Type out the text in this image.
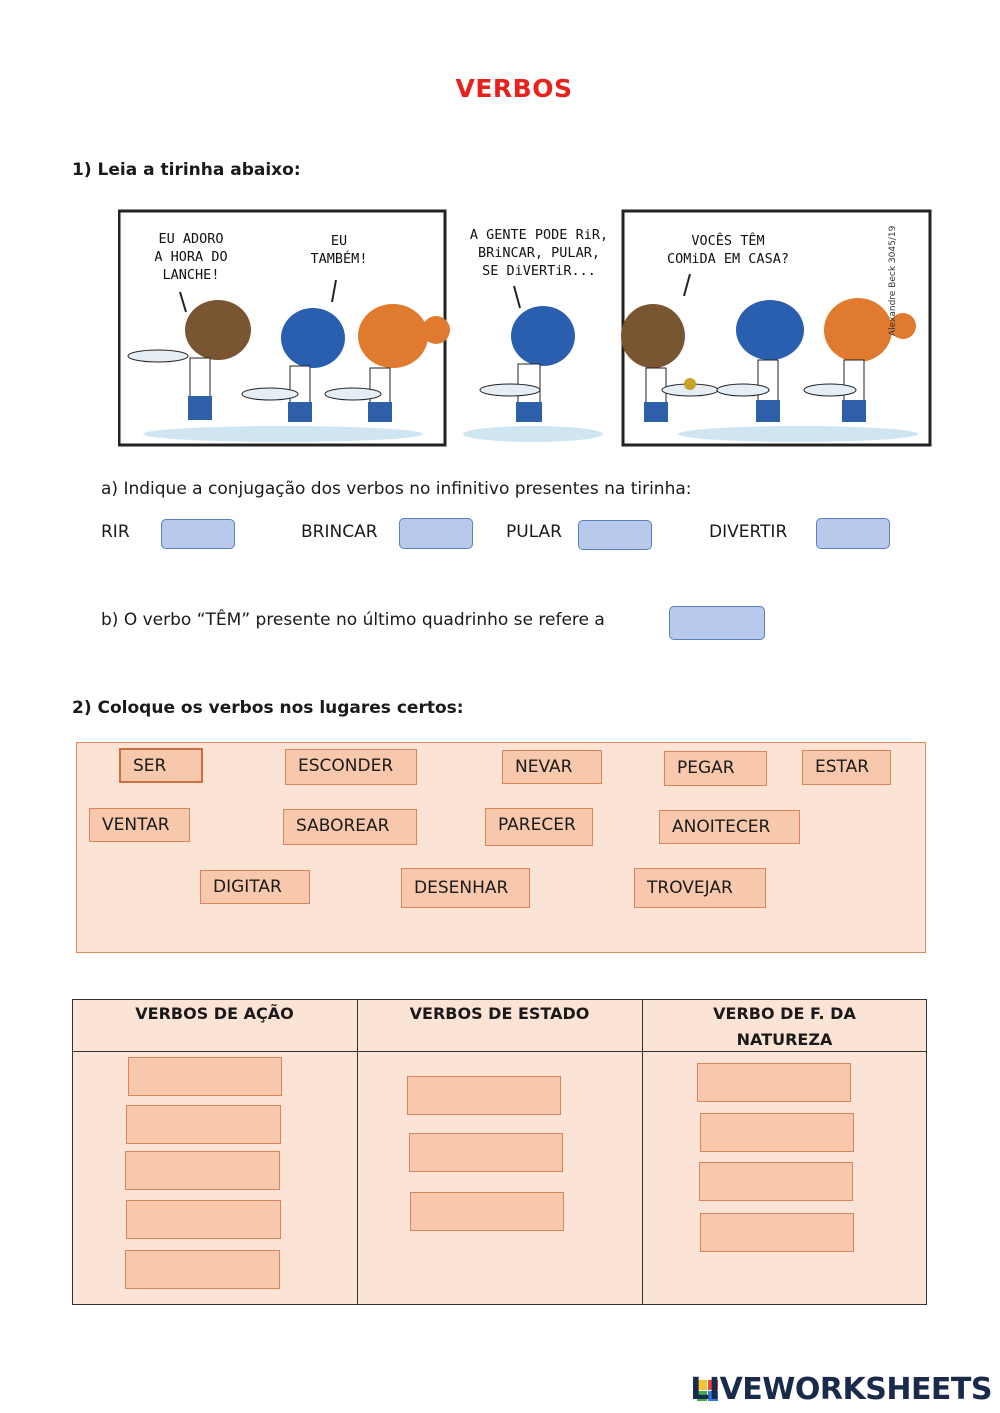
VERBOS
1) Leia a tirinha abaixo:
EU ADORO
A HORA DO
LANCHE!
EU
TAMBÉM!
A GENTE PODE RiR,
BRiNCAR, PULAR,
SE DiVERTiR...
VOCÊS TÊM
COMiDA EM CASA?	Alexandre Beck 3045/19
a) Indique a conjugação dos verbos no infinitivo presentes na tirinha:
RIR	BRINCAR	PULAR	DIVERTIR
b) O verbo “TÊM” presente no último quadrinho se refere a
2) Coloque os verbos nos lugares certos:
SER	ESCONDER	NEVAR	PEGAR	ESTAR
VENTAR	SABOREAR	PARECER	ANOITECER
DIGITAR	DESENHAR	TROVEJAR
VERBOS DE AÇÃO	VERBOS DE ESTADO	VERBO DE F. DA NATUREZA
LIVEWORKSHEETS
